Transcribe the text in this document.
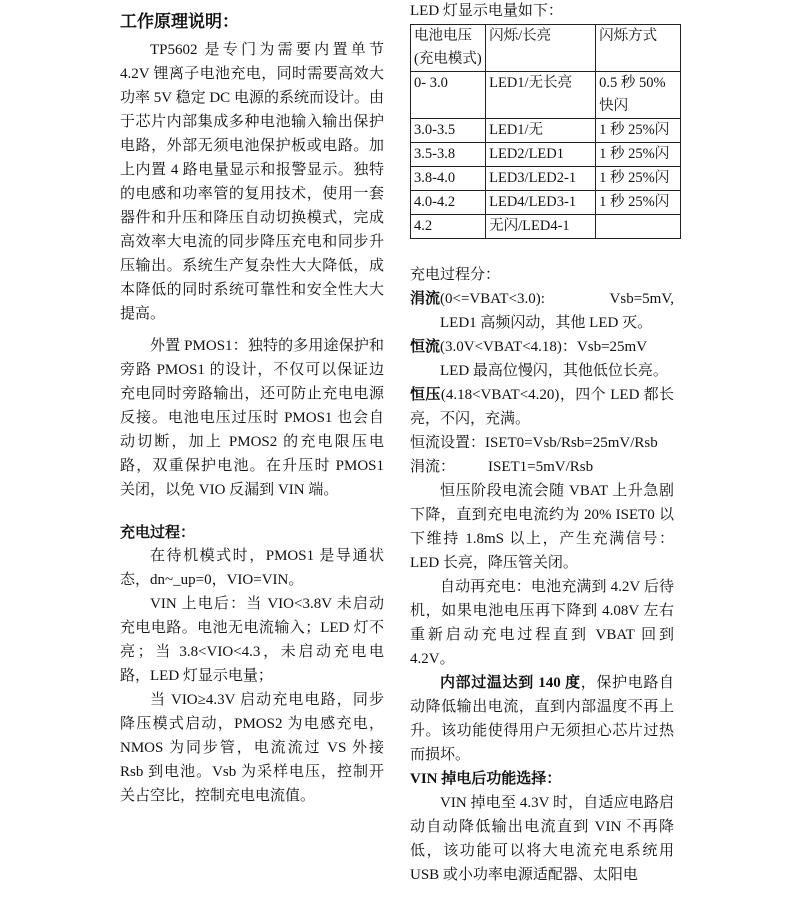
工作原理说明：

TP5602 是专门为需要内置单节 4.2V 锂离子电池充电，同时需要高效大功率 5V 稳定 DC 电源的系统而设计。由于芯片内部集成多种电池输入输出保护电路，外部无须电池保护板或电路。加上内置 4 路电量显示和报警显示。独特的电感和功率管的复用技术，使用一套器件和升压和降压自动切换模式，完成高效率大电流的同步降压充电和同步升压输出。系统生产复杂性大大降低，成本降低的同时系统可靠性和安全性大大提高。

外置 PMOS1：独特的多用途保护和旁路 PMOS1 的设计，不仅可以保证边充电同时旁路输出，还可防止充电电源反接。电池电压过压时 PMOS1 也会自动切断，加上 PMOS2 的充电限压电路，双重保护电池。在升压时 PMOS1 关闭，以免 VIO 反漏到 VIN 端。

充电过程：

在待机模式时，PMOS1 是导通状态，dn~_up=0，VIO=VIN。

VIN 上电后：当 VIO<3.8V 未启动充电电路。电池无电流输入；LED 灯不亮；当 3.8<VIO<4.3，未启动充电电路，LED 灯显示电量；

当 VIO≥4.3V 启动充电电路，同步降压模式启动，PMOS2 为电感充电，NMOS 为同步管，电流流过 VS 外接 Rsb 到电池。Vsb 为采样电压，控制开关占空比，控制充电电流值。

LED 灯显示电量如下：

电池电压(充电模式)	闪烁/长亮	闪烁方式
0- 3.0	LED1/无长亮	0.5 秒 50%快闪
3.0-3.5	LED1/无	1 秒 25%闪
3.5-3.8	LED2/LED1	1 秒 25%闪
3.8-4.0	LED3/LED2-1	1 秒 25%闪
4.0-4.2	LED4/LED3-1	1 秒 25%闪
4.2	无闪/LED4-1	

充电过程分：

涓流(0<=VBAT<3.0):	Vsb=5mV,

LED1 高频闪动，其他 LED 灭。

恒流(3.0V<VBAT<4.18)：Vsb=25mV

LED 最高位慢闪，其他低位长亮。

恒压(4.18<VBAT<4.20)，四个 LED 都长亮，不闪，充满。

恒流设置：ISET0=Vsb/Rsb=25mV/Rsb

涓流： ISET1=5mV/Rsb

恒压阶段电流会随 VBAT 上升急剧下降，直到充电电流约为 20% ISET0 以下维持 1.8mS 以上，产生充满信号：LED 长亮，降压管关闭。

自动再充电：电池充满到 4.2V 后待机，如果电池电压再下降到 4.08V 左右重新启动充电过程直到 VBAT 回到 4.2V。

内部过温达到 140 度，保护电路自动降低输出电流，直到内部温度不再上升。该功能使得用户无须担心芯片过热而损坏。

VIN 掉电后功能选择：

VIN 掉电至 4.3V 时，自适应电路启动自动降低输出电流直到 VIN 不再降低，该功能可以将大电流充电系统用 USB 或小功率电源适配器、太阳电
